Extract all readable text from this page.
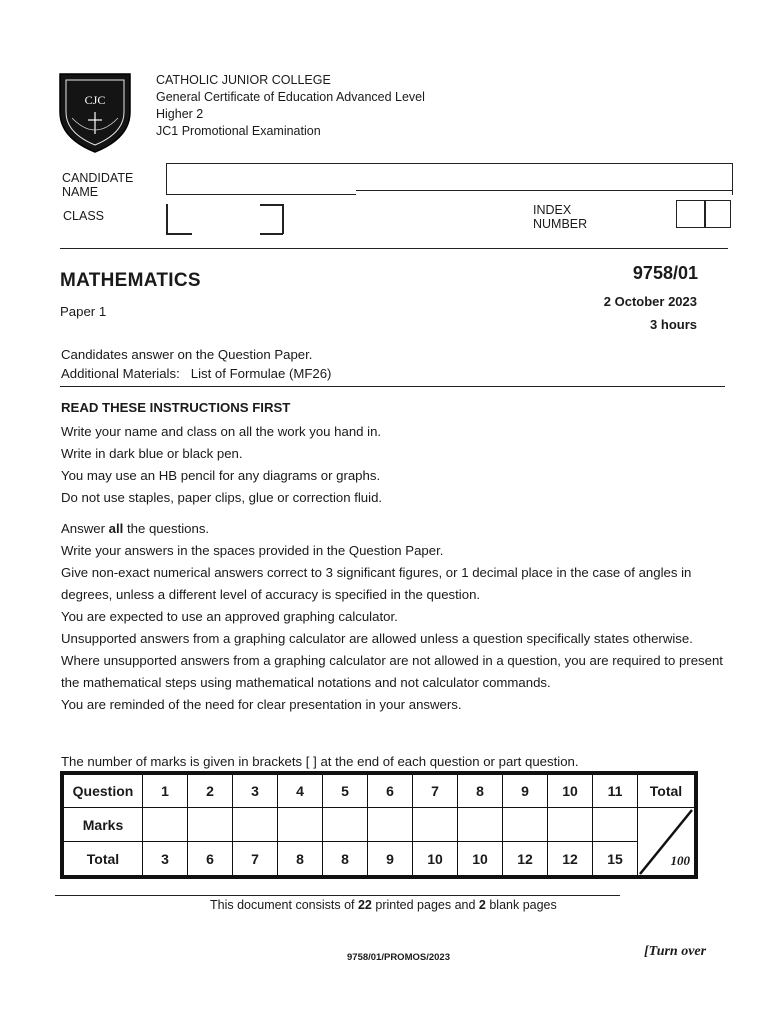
CJC
CATHOLIC JUNIOR COLLEGE
General Certificate of Education Advanced Level
Higher 2
JC1 Promotional Examination
CANDIDATE
NAME
CLASS	INDEX
NUMBER
MATHEMATICS	9758/01
Paper 1
2 October 2023
3 hours
Candidates answer on the Question Paper.
Additional Materials: List of Formulae (MF26)
READ THESE INSTRUCTIONS FIRST

Write your name and class on all the work you hand in.

Write in dark blue or black pen.

You may use an HB pencil for any diagrams or graphs.

Do not use staples, paper clips, glue or correction fluid.

Answer all the questions.

Write your answers in the spaces provided in the Question Paper.

Give non-exact numerical answers correct to 3 significant figures, or 1 decimal place in the case of angles in degrees, unless a different level of accuracy is specified in the question.

You are expected to use an approved graphing calculator.

Unsupported answers from a graphing calculator are allowed unless a question specifically states otherwise.

Where unsupported answers from a graphing calculator are not allowed in a question, you are required to present the mathematical steps using mathematical notations and not calculator commands.

You are reminded of the need for clear presentation in your answers.

The number of marks is given in brackets [ ] at the end of each question or part question.
Question	1	2	3	4	5	6	7	8	9	10	11	Total
Marks												100

Total	3	6	7	8	8	9	10	10	12	12	15	
This document consists of 22 printed pages and 2 blank pages
9758/01/PROMOS/2023	[Turn over
